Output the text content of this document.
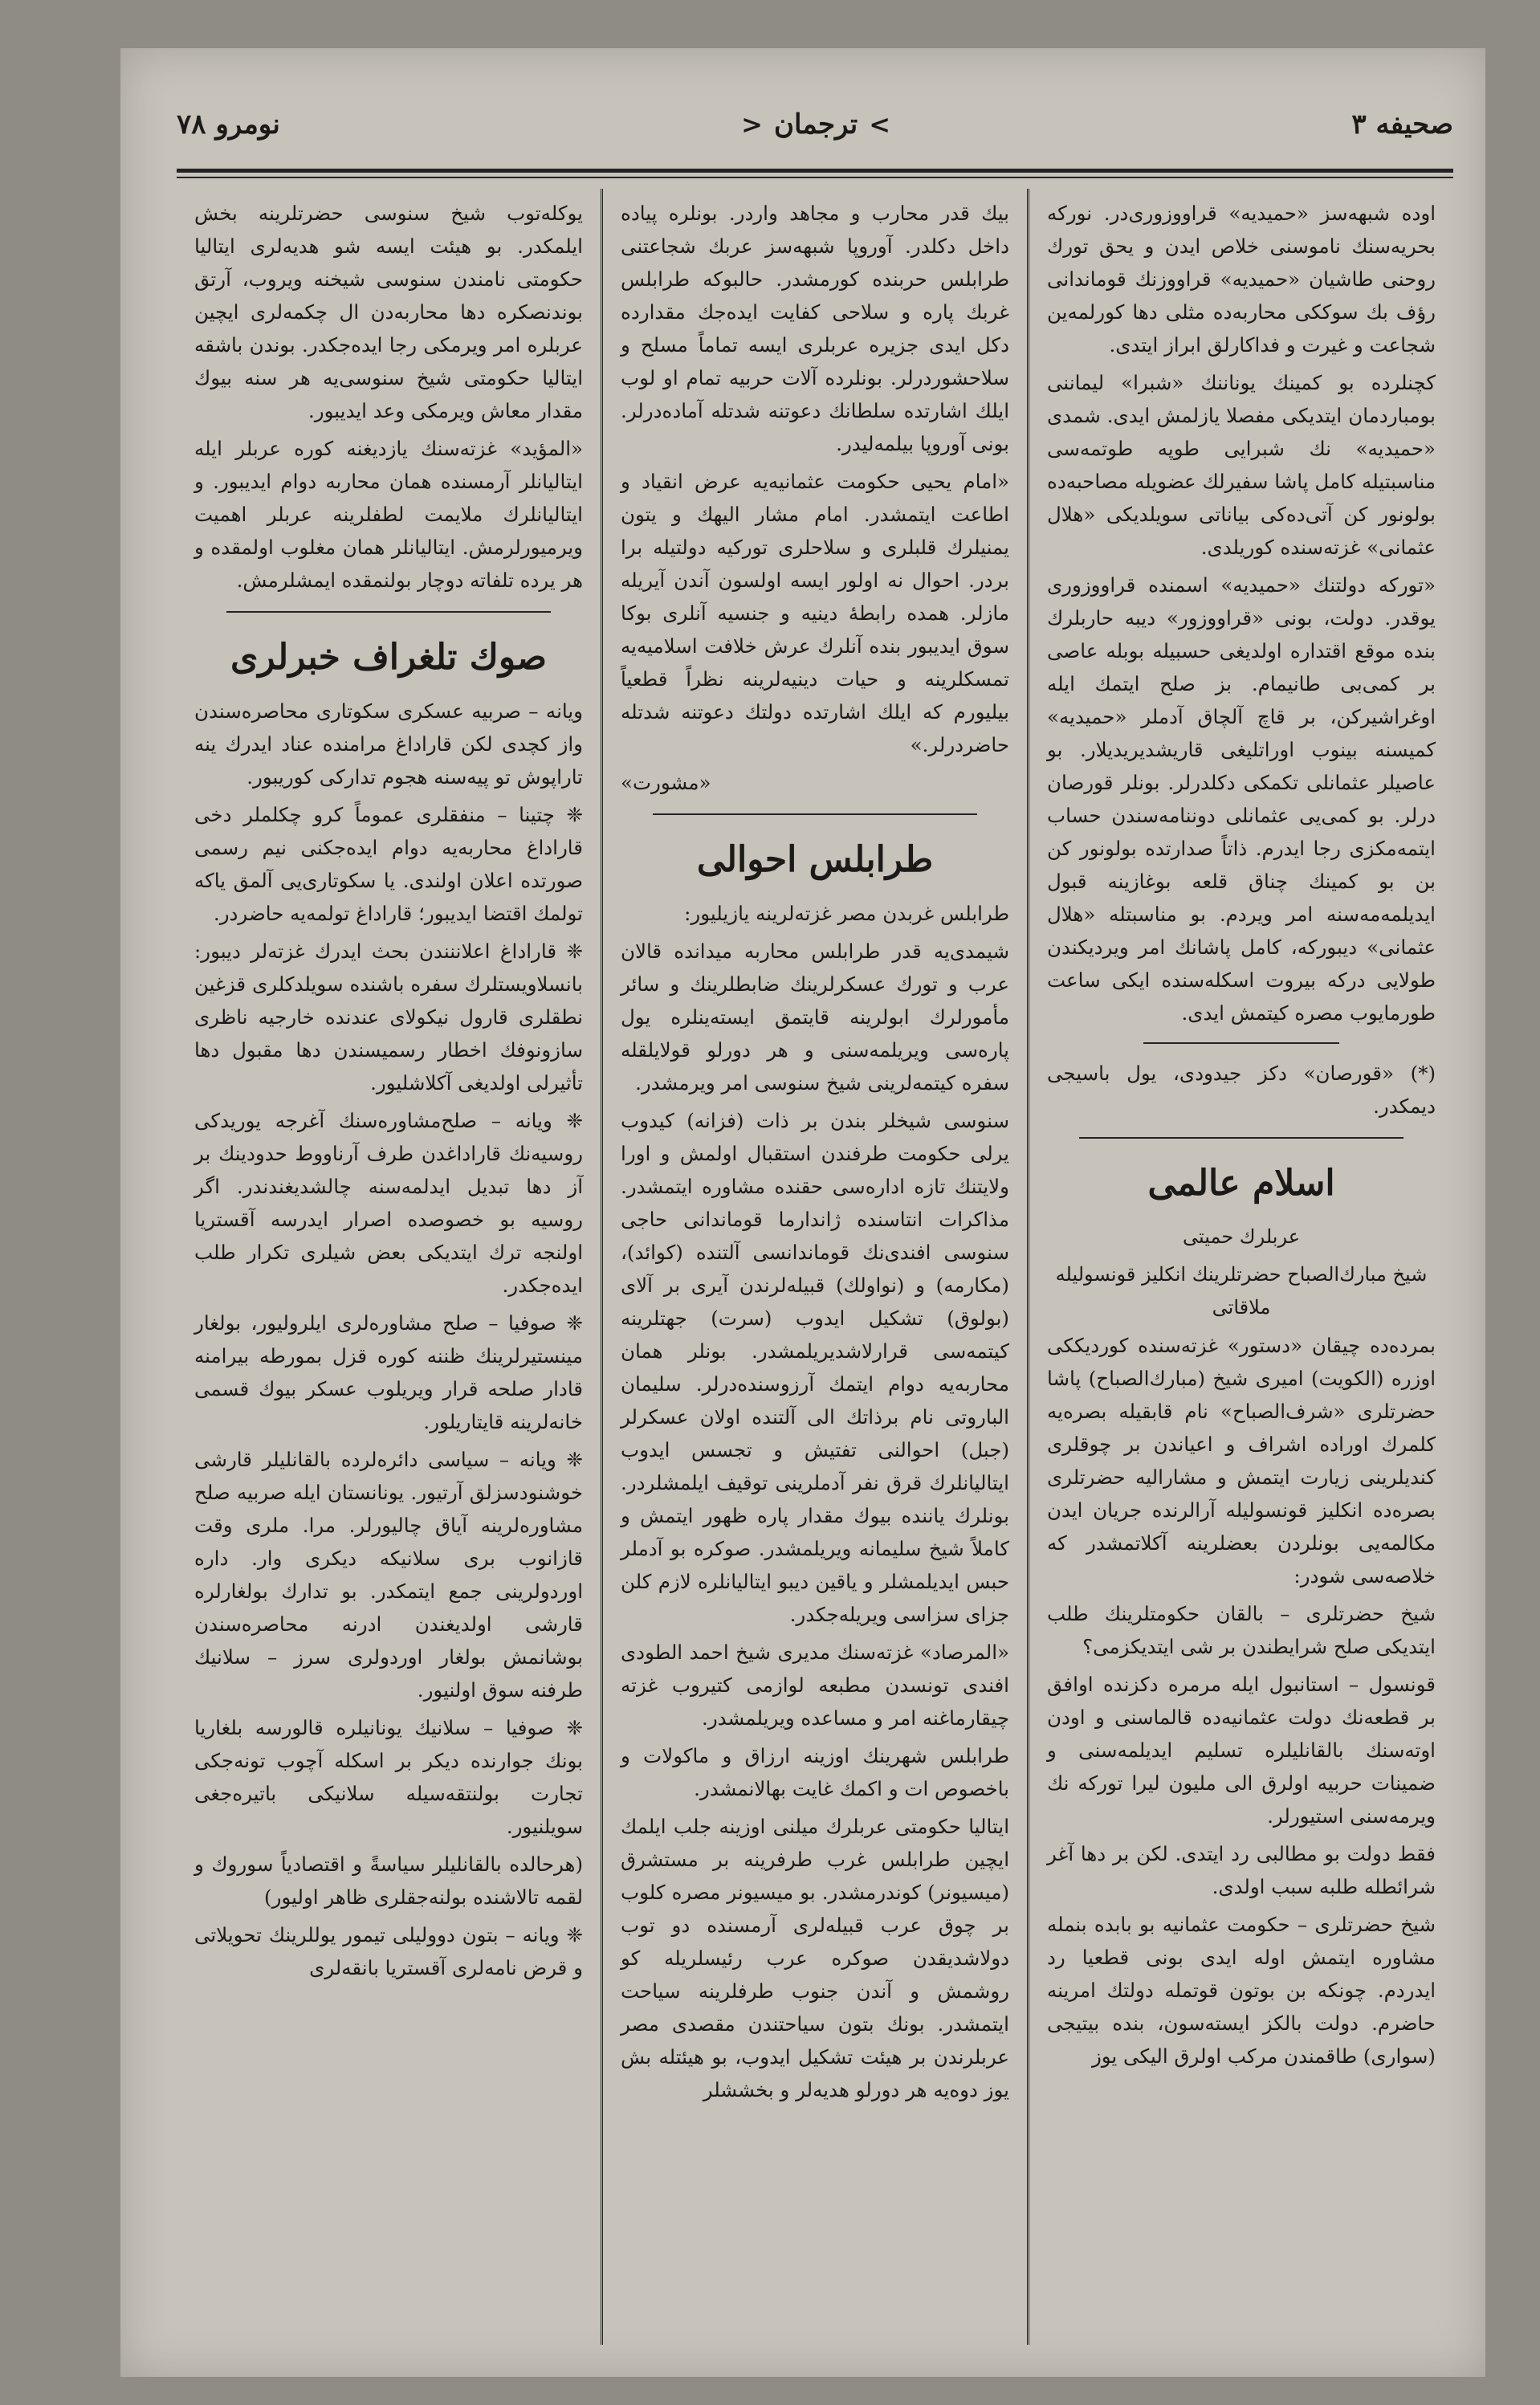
صحیفه ۳
>
ترجمان
<
نومرو ۷۸

اوده شبهه‌سز «حمیدیه» قراووزوری‌در. نورکه بحریه‌سنك ناموسنی خلاص ایدن و یحق تورك روحنی طاشیان «حمیدیه» قراووزنك قوماندانی رؤف بك سوككی محاربه‌ده مثلی دها کورلمه‌ین شجاعت و غیرت و فداکارلق ابراز ایتدی.

کچنلرده بو کمینك یوناننك «شبرا» لیماننی بومباردمان ایتدیکی مفصلا یازلمش ایدی. شمدی «حمیدیه» نك شبرایی طوپه طوتمه‌سی مناسبتیله کامل پاشا سفیرلك عضویله مصاحبه‌ده بولونور کن آتی‌ده‌کی بیاناتی سویلدیکی «هلال عثمانی» غزته‌سنده کوریلدی.

«تورکه دولتنك «حمیدیه» اسمنده قراووزوری یوقدر. دولت، بونی «قراووزور» دیبه حاربلرك بنده موقع اقتداره اولدیغی حسبیله بوبله عاصی بر کمی‌بی طانیمام. بز صلح ایتمك ایله اوغراشیرکن، بر قاچ آلچاق آدملر «حمیدیه» کمیسنه بینوب اوراتلیغی قاریشدیریدیلار. بو عاصیلر عثمانلی تکمکی دکلدرلر. بونلر قورصان درلر. بو کمی‌یی عثمانلی دوننامه‌سندن حساب ایتمه‌مکزی رجا ایدرم. ذاتاً صدارتده بولونور کن بن بو کمینك چناق قلعه بوغازینه قبول ایدیلمه‌مه‌سنه امر ویردم. بو مناسبتله «هلال عثمانی» دیبورکه، کامل پاشانك امر ویردیکندن طولایی درکه بیروت اسکله‌سنده ایکی ساعت طورمایوب مصره کیتمش ایدی.

(*) «قورصان» دکز جیدودی، یول باسیجی دیمکدر.

اسلام عالمی
عربلرك حمیتی
شیخ مبارك‌الصباح حضرتلرینك انکلیز قونسولیله ملاقاتی

بمرده‌ده چیقان «دستور» غزته‌سنده کوردیککی اوزره (الکویت) امیری شیخ (مبارك‌الصباح) پاشا حضرتلری «شرف‌الصباح» نام قابقیله بصره‌یه کلمرك اوراده اشراف و اعیاندن بر چوقلری کندیلرینی زیارت ایتمش و مشارالیه حضرتلری بصره‌ده انکلیز قونسولیله آرالرنده جریان ایدن مکالمه‌یی بونلردن بعضلرینه آکلاتمشدر که خلاصه‌سی شودر:

شیخ حضرتلری – بالقان حکومتلرینك طلب ایتدیکی صلح شرایطندن بر شی ایتدیکزمی؟

قونسول – استانبول ایله مرمره دکزنده اوافق بر قطعه‌نك دولت عثمانیه‌ده قالماسنی و اودن اوته‌سنك بالقانلیلره تسلیم ایدیلمه‌سنی و ضمینات حربیه اولرق الی ملیون لیرا تورکه نك ویرمه‌سنی استیورلر.

فقط دولت بو مطالبی رد ایتدی. لکن بر دها آغر شرائطله طلبه سبب اولدی.

شیخ حضرتلری – حکومت عثمانیه بو بابده بنمله مشاوره ایتمش اوله ایدی بونی قطعیا رد ایدردم. چونکه بن بوتون قوتمله دولتك امرینه حاضرم. دولت بالکز ایسته‌سون، بنده بیتیجی (سواری) طاقمندن مرکب اولرق الیکی یوز

بیك قدر محارب و مجاهد واردر. بونلره پیاده داخل دکلدر. آوروپا شبهه‌سز عربك شجاعتنی طرابلس حربنده کورمشدر. حالبوکه طرابلس غربك پاره و سلاحی کفایت ایده‌جك مقدارده دکل ایدی جزیره عربلری ایسه تماماً مسلح و سلاحشوردرلر. بونلرده آلات حربیه تمام او لوب ایلك اشارتده سلطانك دعوتنه شدتله آماده‌درلر. بونی آوروپا بیلمه‌لیدر.

«امام یحیی حکومت عثمانیه‌یه عرض انقیاد و اطاعت ایتمشدر. امام مشار الیهك و یتون یمنیلرك قلبلری و سلاحلری تورکیه دولتیله برا بردر. احوال نه اولور ایسه اولسون آندن آیریله مازلر. همده رابطهٔ دینیه و جنسیه آنلری بوکا سوق ایدیبور بنده آنلرك عرش خلافت اسلامیه‌یه تمسکلرینه و حیات دینیه‌لرینه نظراً قطعیاً بیلیورم که ایلك اشارتده دولتك دعوتنه شدتله حاضردرلر.»

«مشورت»

طرابلس احوالی

طرابلس غربدن مصر غزته‌لرینه یازیلیور:

شیمدی‌یه قدر طرابلس محاربه میدانده قالان عرب و تورك عسکرلرینك ضابطلرینك و سائر مأمورلرك ابولرینه قایتمق ایسته‌ینلره یول پاره‌سی ویریلمه‌سنی و هر دورلو قولایلقله سفره کیتمه‌لرینی شیخ سنوسی امر ویرمشدر.

سنوسی شیخلر بندن بر ذات (فزانه) کیدوب یرلی حکومت طرفندن استقبال اولمش و اورا ولایتنك تازه اداره‌سی حقنده مشاوره ایتمشدر. مذاکرات انتاسنده ژاندارما قوماندانی حاجی سنوسی افندی‌نك قوماندانسی آلتنده (کوائد)، (مکارمه) و (نواولك) قبیله‌لرندن آیری بر آلای (بولوق) تشکیل ایدوب (سرت) جهتلرینه کیتمه‌سی قرارلاشدیریلمشدر. بونلر همان محاربه‌یه دوام ایتمك آرزوسنده‌درلر. سلیمان الباروتی نام برذاتك الی آلتنده اولان عسکرلر (جبل) احوالنی تفتیش و تجسس ایدوب ایتالیانلرك قرق نفر آدملرینی توقیف ایلمشلردر. بونلرك یاننده بیوك مقدار پاره ظهور ایتمش و کاملاً شیخ سلیمانه ویریلمشدر. صوکره بو آدملر حبس ایدیلمشلر و یاقین دیبو ایتالیانلره لازم کلن جزای سزاسی ویریله‌جکدر.

«المرصاد» غزته‌سنك مدیری شیخ احمد الطودی افندی تونسدن مطبعه لوازمی کتیروب غزته چیقارماغنه امر و مساعده ویریلمشدر.

طرابلس شهرینك اوزینه ارزاق و ماکولات و باخصوص ات و اکمك غایت بهالانمشدر.

ایتالیا حکومتی عربلرك میلنی اوزینه جلب ایلمك ایچین طرابلس غرب طرفرینه بر مستشرق (میسیونر) کوندرمشدر. بو میسیونر مصره کلوب بر چوق عرب قبیله‌لری آرمسنده دو توب دولاشدیقدن صوکره عرب رئیسلریله کو روشمش و آندن جنوب طرفلرینه سیاحت ایتمشدر. بونك بتون سیاحتندن مقصدی مصر عربلرندن بر هیئت تشکیل ایدوب، بو هیئتله بش یوز دوه‌یه هر دورلو هدیه‌لر و بخششلر

یوکله‌توب شیخ سنوسی حضرتلرینه بخش ایلمکدر. بو هیئت ایسه شو هدیه‌لری ایتالیا حکومتی نامندن سنوسی شیخنه ویروب، آرتق بوندنصکره دها محاربه‌دن ال چکمه‌لری ایچین عربلره امر ویرمکی رجا ایده‌جکدر. بوندن باشقه ایتالیا حکومتی شیخ سنوسی‌یه هر سنه بیوك مقدار معاش ویرمکی وعد ایدیبور.

«المؤید» غزته‌سنك یازدیغنه کوره عربلر ایله ایتالیانلر آرمسنده همان محاربه دوام ایدیبور. و ایتالیانلرك ملایمت لطفلرینه عربلر اهمیت ویرمیورلرمش. ایتالیانلر همان مغلوب اولمقده و هر یرده تلفاته دوچار بولنمقده ایمشلرمش.

صوك تلغراف خبرلری

ویانه – صربیه عسکری سکوتاری محاصره‌سندن واز کچدی لکن قاراداغ مرامنده عناد ایدرك ینه تاراپوش تو پیه‌سنه هجوم تدارکی کوریبور.

❈ چتینا – منفقلری عموماً کرو چکلملر دخی قاراداغ محاربه‌یه دوام ایده‌جکنی نیم رسمی صورتده اعلان اولندی. یا سکوتاری‌یی آلمق یاکه تولمك اقتضا ایدیبور؛ قاراداغ تولمه‌یه حاضردر.

❈ قاراداغ اعلاننندن بحث ایدرك غزته‌لر دیبور: بانسلاویستلرك سفره باشنده سویلدکلری قزغین نطقلری قارول نیکولای عندنده خارجیه ناظری سازونوفك اخطار رسمیسندن دها مقبول دها تأثیرلی اولدیغی آکلاشلیور.

❈ ویانه – صلح‌مشاوره‌سنك آغرجه یوریدکی روسیه‌نك قاراداغدن طرف آرناووط حدودینك بر آز دها تبدیل ایدلمه‌سنه چالشدیغندندر. اگر روسیه بو خصوصده اصرار ایدرسه آقستریا اولنجه ترك ایتدیکی بعض شیلری تکرار طلب ایده‌جکدر.

❈ صوفیا – صلح مشاوره‌لری ایلرولیور، بولغار مینستیرلرینك ظننه کوره قزل بمورطه بیرامنه قادار صلحه قرار ویریلوب عسکر بیوك قسمی خانه‌لرینه قایتاریلور.

❈ ویانه – سیاسی دائره‌لرده بالقانلیلر قارشی خوشنودسزلق آرتیور. یونانستان ایله صربیه صلح مشاوره‌لرینه آیاق چالیورلر. مرا. ملری وقت قازانوب بری سلانیکه دیکری وار. داره اوردولرینی جمع ایتمکدر. بو تدارك بولغارلره قارشی اولدیغندن ادرنه محاصره‌سندن بوشانمش بولغار اوردولری سرز – سلانیك طرفنه سوق اولنیور.

❈ صوفیا – سلانیك یونانیلره قالورسه بلغاریا بونك جوارنده دیکر بر اسکله آچوب تونه‌جکی تجارت بولنتقه‌سیله سلانیکی باتیره‌جغی سویلنیور.

(هرحالده بالقانلیلر سیاسةً و اقتصادیاً سوروك و لقمه تالاشنده بولنه‌جقلری ظاهر اولیور)

❈ ویانه – بتون دوولیلی تیمور یوللرینك تحویلاتی و قرض نامه‌لری آقستریا بانقه‌لری
